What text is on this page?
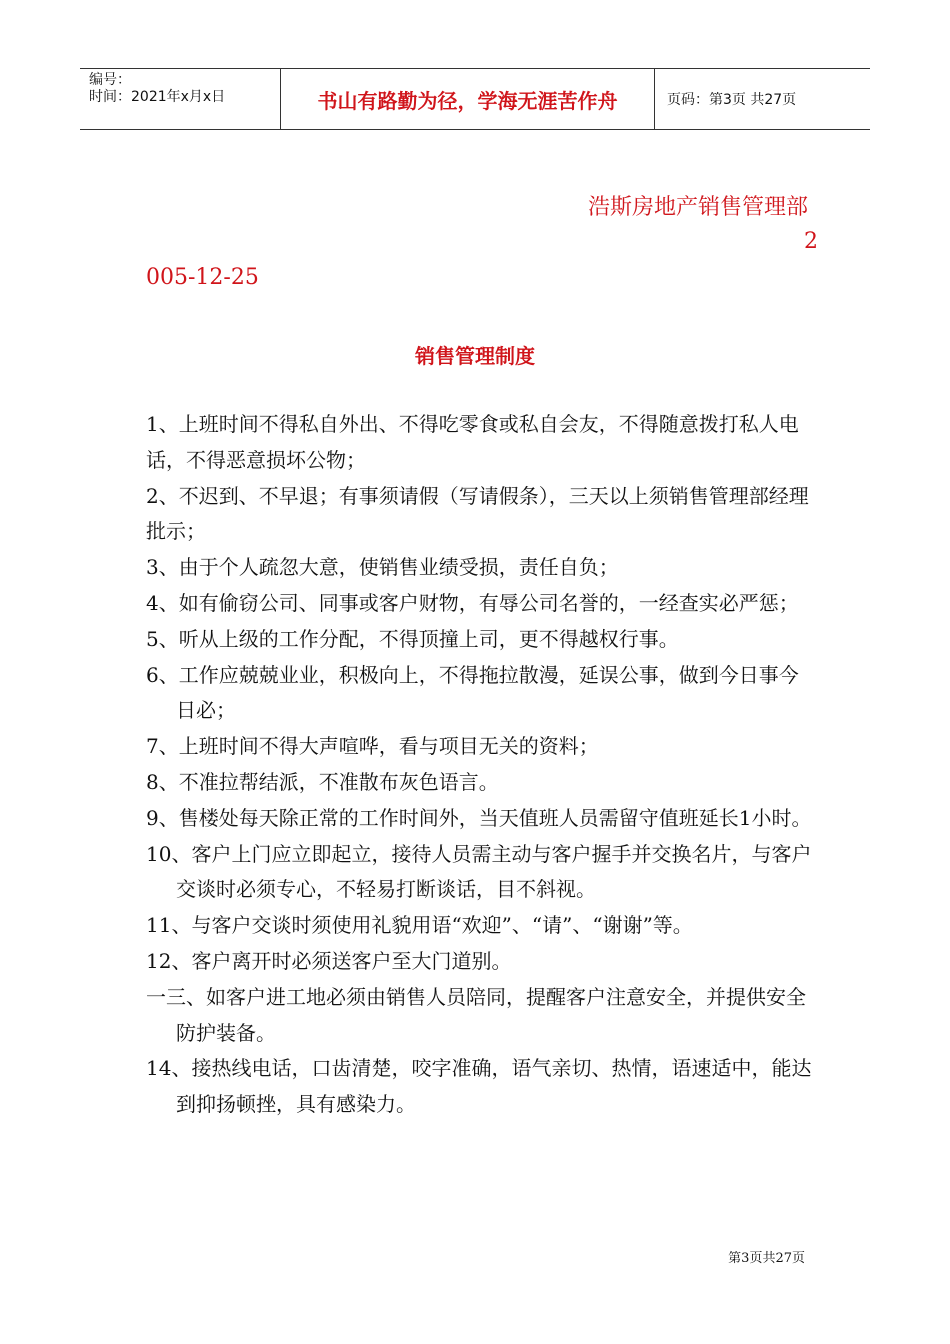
编号：
时间：2021年x月x日	书山有路勤为径，学海无涯苦作舟	页码：第3页 共27页
浩斯房地产销售管理部
2
005-12-25
销售管理制度

1、上班时间不得私自外出、不得吃零食或私自会友，不得随意拨打私人电话，不得恶意损坏公物；

2、不迟到、不早退；有事须请假（写请假条），三天以上须销售管理部经理批示；

3、由于个人疏忽大意，使销售业绩受损，责任自负；

4、如有偷窃公司、同事或客户财物，有辱公司名誉的，一经查实必严惩；

5、听从上级的工作分配，不得顶撞上司，更不得越权行事。

6、工作应兢兢业业，积极向上，不得拖拉散漫，延误公事，做到今日事今日必；

7、上班时间不得大声喧哗，看与项目无关的资料；

8、不准拉帮结派，不准散布灰色语言。

9、售楼处每天除正常的工作时间外，当天值班人员需留守值班延长1小时。

10、客户上门应立即起立，接待人员需主动与客户握手并交换名片，与客户交谈时必须专心，不轻易打断谈话，目不斜视。

11、与客户交谈时须使用礼貌用语“欢迎”、“请”、“谢谢”等。

12、客户离开时必须送客户至大门道别。

一三、如客户进工地必须由销售人员陪同，提醒客户注意安全，并提供安全防护装备。

14、接热线电话，口齿清楚，咬字准确，语气亲切、热情，语速适中，能达到抑扬顿挫，具有感染力。

第3页共27页
